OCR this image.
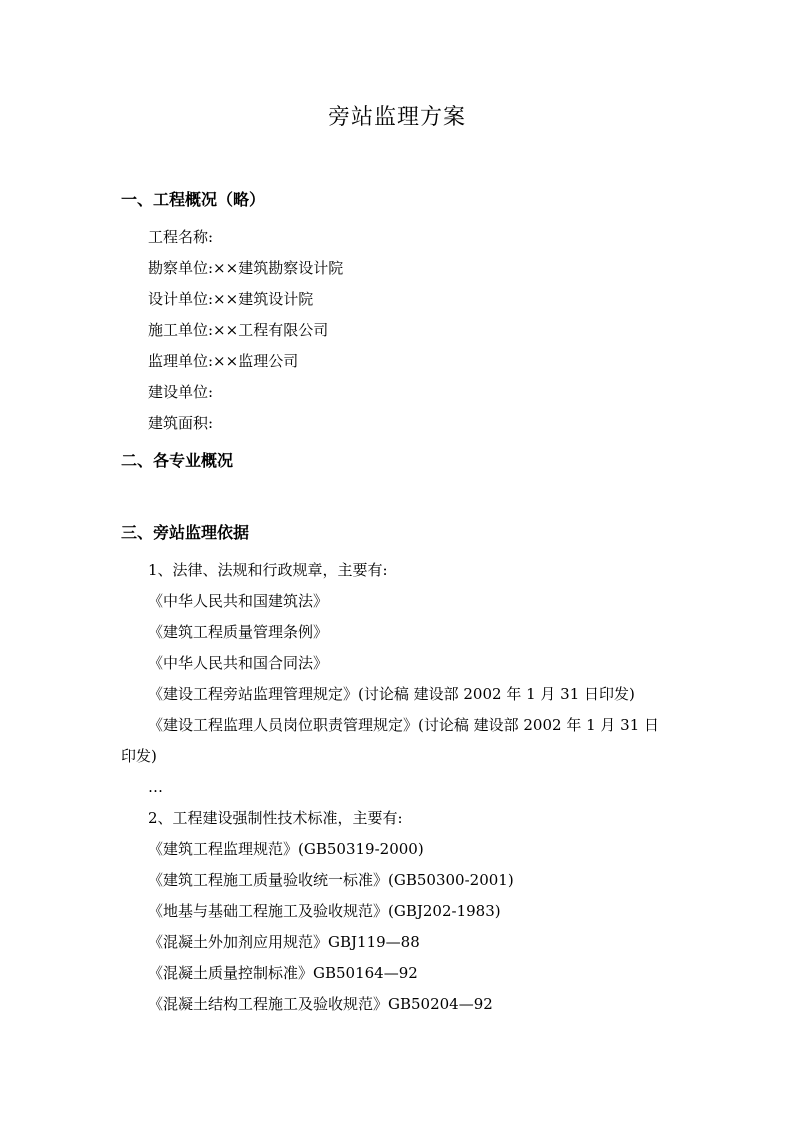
旁站监理方案
一、工程概况（略）
工程名称:
勘察单位:××建筑勘察设计院
设计单位:××建筑设计院
施工单位:××工程有限公司
监理单位:××监理公司
建设单位:
建筑面积:
二、各专业概况
三、旁站监理依据
1、法律、法规和行政规章，主要有:
《中华人民共和国建筑法》
《建筑工程质量管理条例》
《中华人民共和国合同法》
《建设工程旁站监理管理规定》(讨论稿 建设部 2002 年 1 月 31 日印发)
《建设工程监理人员岗位职责管理规定》(讨论稿 建设部 2002 年 1 月 31 日
印发)
…
2、工程建设强制性技术标准，主要有:
《建筑工程监理规范》(GB50319-2000)
《建筑工程施工质量验收统一标准》(GB50300-2001)
《地基与基础工程施工及验收规范》(GBJ202-1983)
《混凝土外加剂应用规范》GBJ119—88
《混凝土质量控制标准》GB50164—92
《混凝土结构工程施工及验收规范》GB50204—92
